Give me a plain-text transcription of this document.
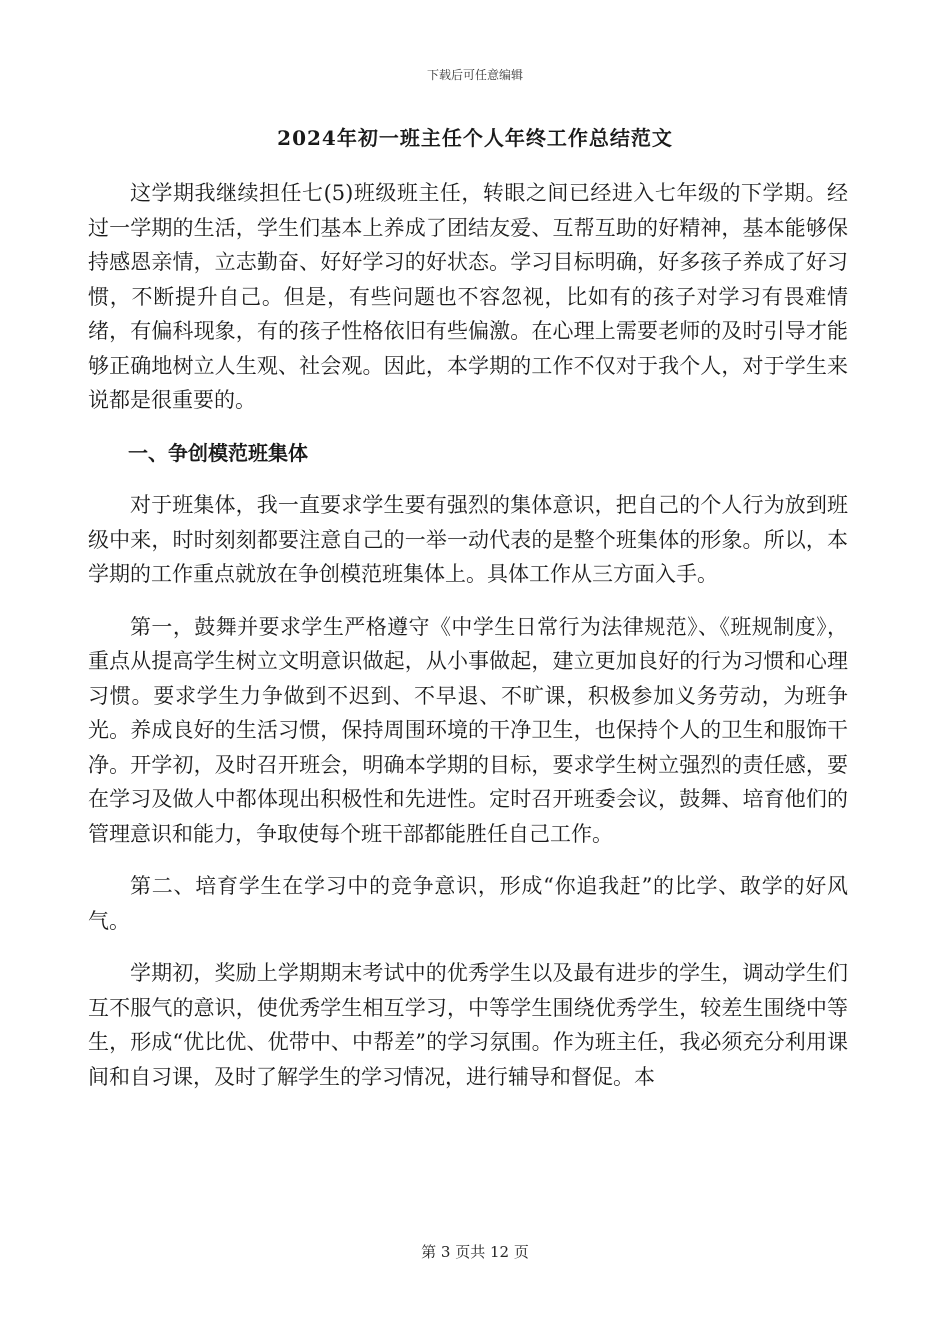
下载后可任意编辑
2024年初一班主任个人年终工作总结范文

这学期我继续担任七(5)班级班主任，转眼之间已经进入七年级的下学期。经过一学期的生活，学生们基本上养成了团结友爱、互帮互助的好精神，基本能够保持感恩亲情，立志勤奋、好好学习的好状态。学习目标明确，好多孩子养成了好习惯，不断提升自己。但是，有些问题也不容忽视，比如有的孩子对学习有畏难情绪，有偏科现象，有的孩子性格依旧有些偏激。在心理上需要老师的及时引导才能够正确地树立人生观、社会观。因此，本学期的工作不仅对于我个人，对于学生来说都是很重要的。

一、争创模范班集体

对于班集体，我一直要求学生要有强烈的集体意识，把自己的个人行为放到班级中来，时时刻刻都要注意自己的一举一动代表的是整个班集体的形象。所以，本学期的工作重点就放在争创模范班集体上。具体工作从三方面入手。

第一，鼓舞并要求学生严格遵守《中学生日常行为法律规范》、《班规制度》，重点从提高学生树立文明意识做起，从小事做起，建立更加良好的行为习惯和心理习惯。要求学生力争做到不迟到、不早退、不旷课，积极参加义务劳动，为班争光。养成良好的生活习惯，保持周围环境的干净卫生，也保持个人的卫生和服饰干净。开学初，及时召开班会，明确本学期的目标，要求学生树立强烈的责任感，要在学习及做人中都体现出积极性和先进性。定时召开班委会议，鼓舞、培育他们的管理意识和能力，争取使每个班干部都能胜任自己工作。

第二、培育学生在学习中的竞争意识，形成“你追我赶”的比学、敢学的好风气。

学期初，奖励上学期期末考试中的优秀学生以及最有进步的学生，调动学生们互不服气的意识，使优秀学生相互学习，中等学生围绕优秀学生，较差生围绕中等生，形成“优比优、优带中、中帮差”的学习氛围。作为班主任，我必须充分利用课间和自习课，及时了解学生的学习情况，进行辅导和督促。本

第 3 页共 12 页
